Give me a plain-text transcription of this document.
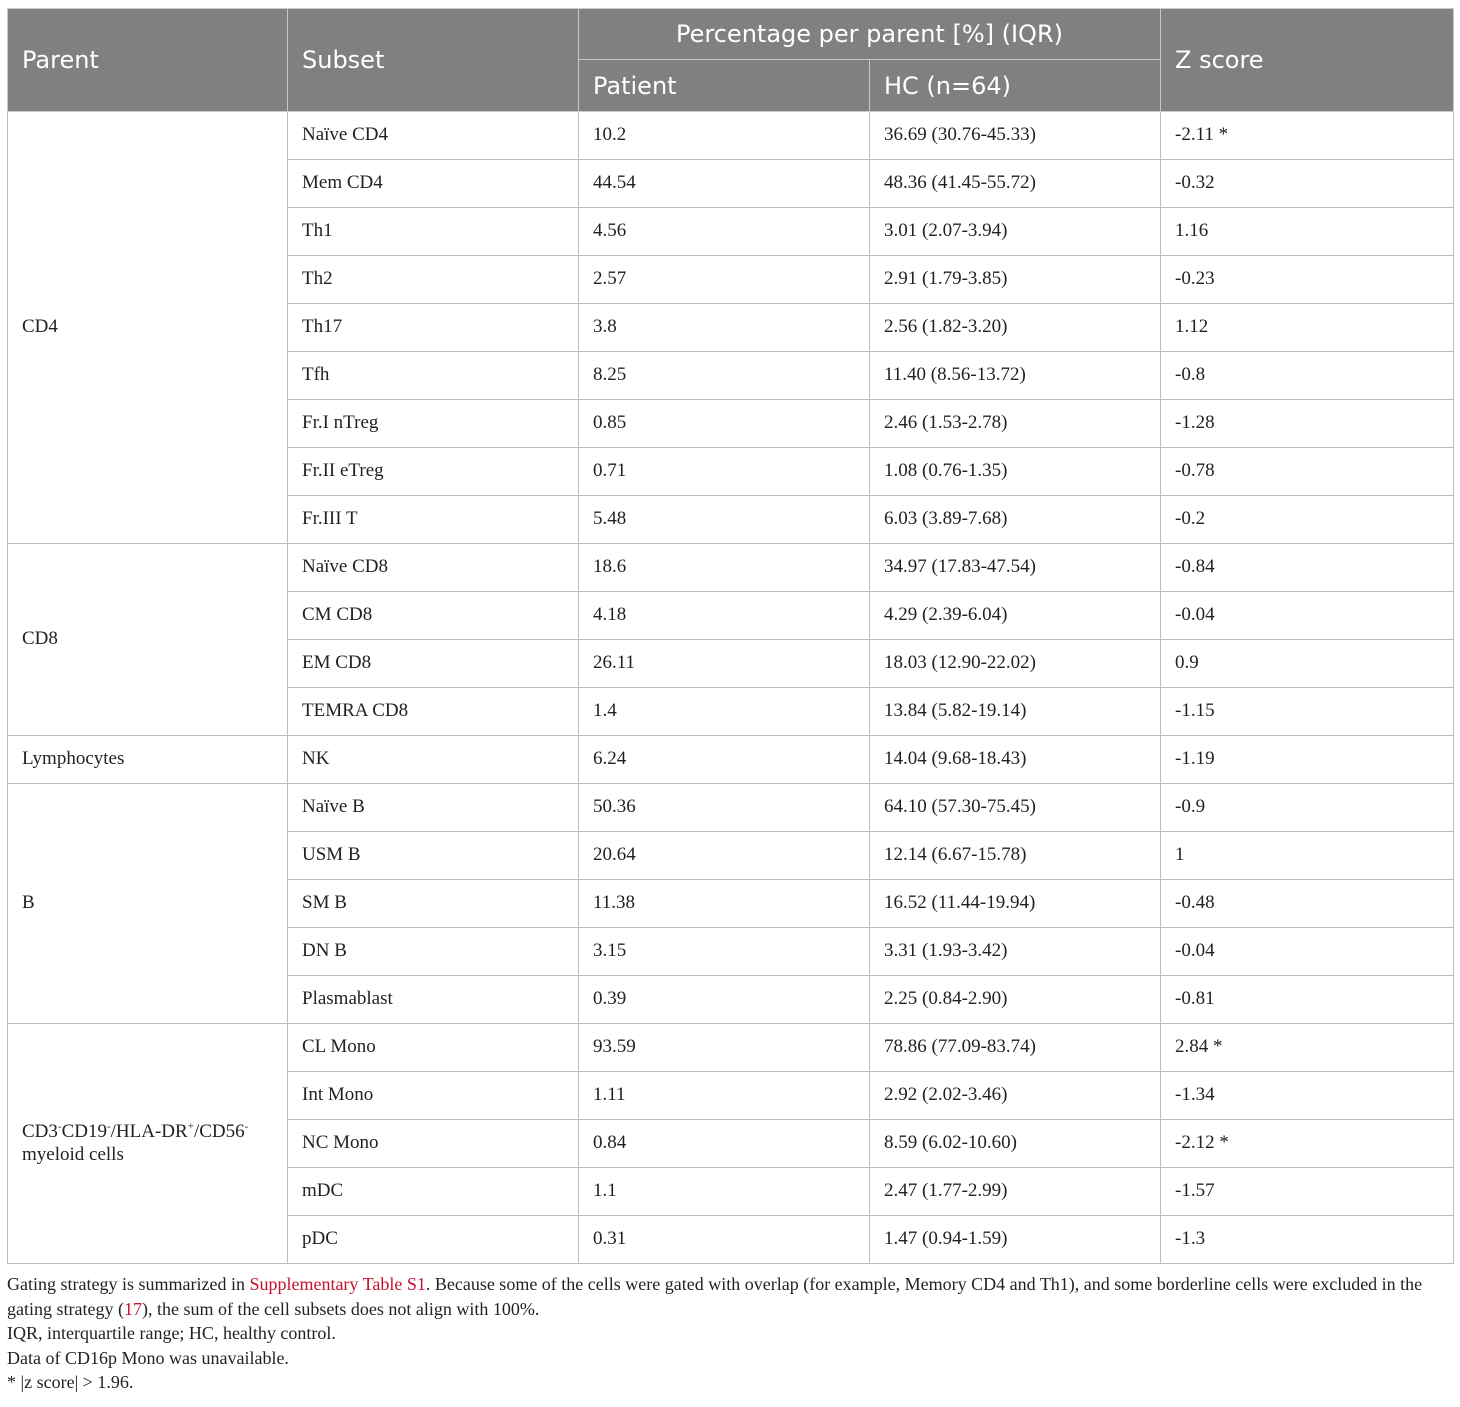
Parent	Subset	Percentage per parent [%] (IQR)		Z score
		Patient	HC (n=64)	
CD4	Naïve CD4	10.2	36.69 (30.76-45.33)	-2.11 *
	Mem CD4	44.54	48.36 (41.45-55.72)	-0.32
	Th1	4.56	3.01 (2.07-3.94)	1.16
	Th2	2.57	2.91 (1.79-3.85)	-0.23
	Th17	3.8	2.56 (1.82-3.20)	1.12
	Tfh	8.25	11.40 (8.56-13.72)	-0.8
	Fr.I nTreg	0.85	2.46 (1.53-2.78)	-1.28
	Fr.II eTreg	0.71	1.08 (0.76-1.35)	-0.78
	Fr.III T	5.48	6.03 (3.89-7.68)	-0.2
CD8	Naïve CD8	18.6	34.97 (17.83-47.54)	-0.84
	CM CD8	4.18	4.29 (2.39-6.04)	-0.04
	EM CD8	26.11	18.03 (12.90-22.02)	0.9
	TEMRA CD8	1.4	13.84 (5.82-19.14)	-1.15
Lymphocytes	NK	6.24	14.04 (9.68-18.43)	-1.19
B	Naïve B	50.36	64.10 (57.30-75.45)	-0.9
	USM B	20.64	12.14 (6.67-15.78)	1
	SM B	11.38	16.52 (11.44-19.94)	-0.48
	DN B	3.15	3.31 (1.93-3.42)	-0.04
	Plasmablast	0.39	2.25 (0.84-2.90)	-0.81
CD3-CD19-/HLA-DR+/CD56- myeloid cells	CL Mono	93.59	78.86 (77.09-83.74)	2.84 *
	Int Mono	1.11	2.92 (2.02-3.46)	-1.34
	NC Mono	0.84	8.59 (6.02-10.60)	-2.12 *
	mDC	1.1	2.47 (1.77-2.99)	-1.57
	pDC	0.31	1.47 (0.94-1.59)	-1.3

Gating strategy is summarized in Supplementary Table S1. Because some of the cells were gated with overlap (for example, Memory CD4 and Th1), and some borderline cells were excluded in the gating strategy (17), the sum of the cell subsets does not align with 100%.

IQR, interquartile range; HC, healthy control.

Data of CD16p Mono was unavailable.

* |z score| > 1.96.
